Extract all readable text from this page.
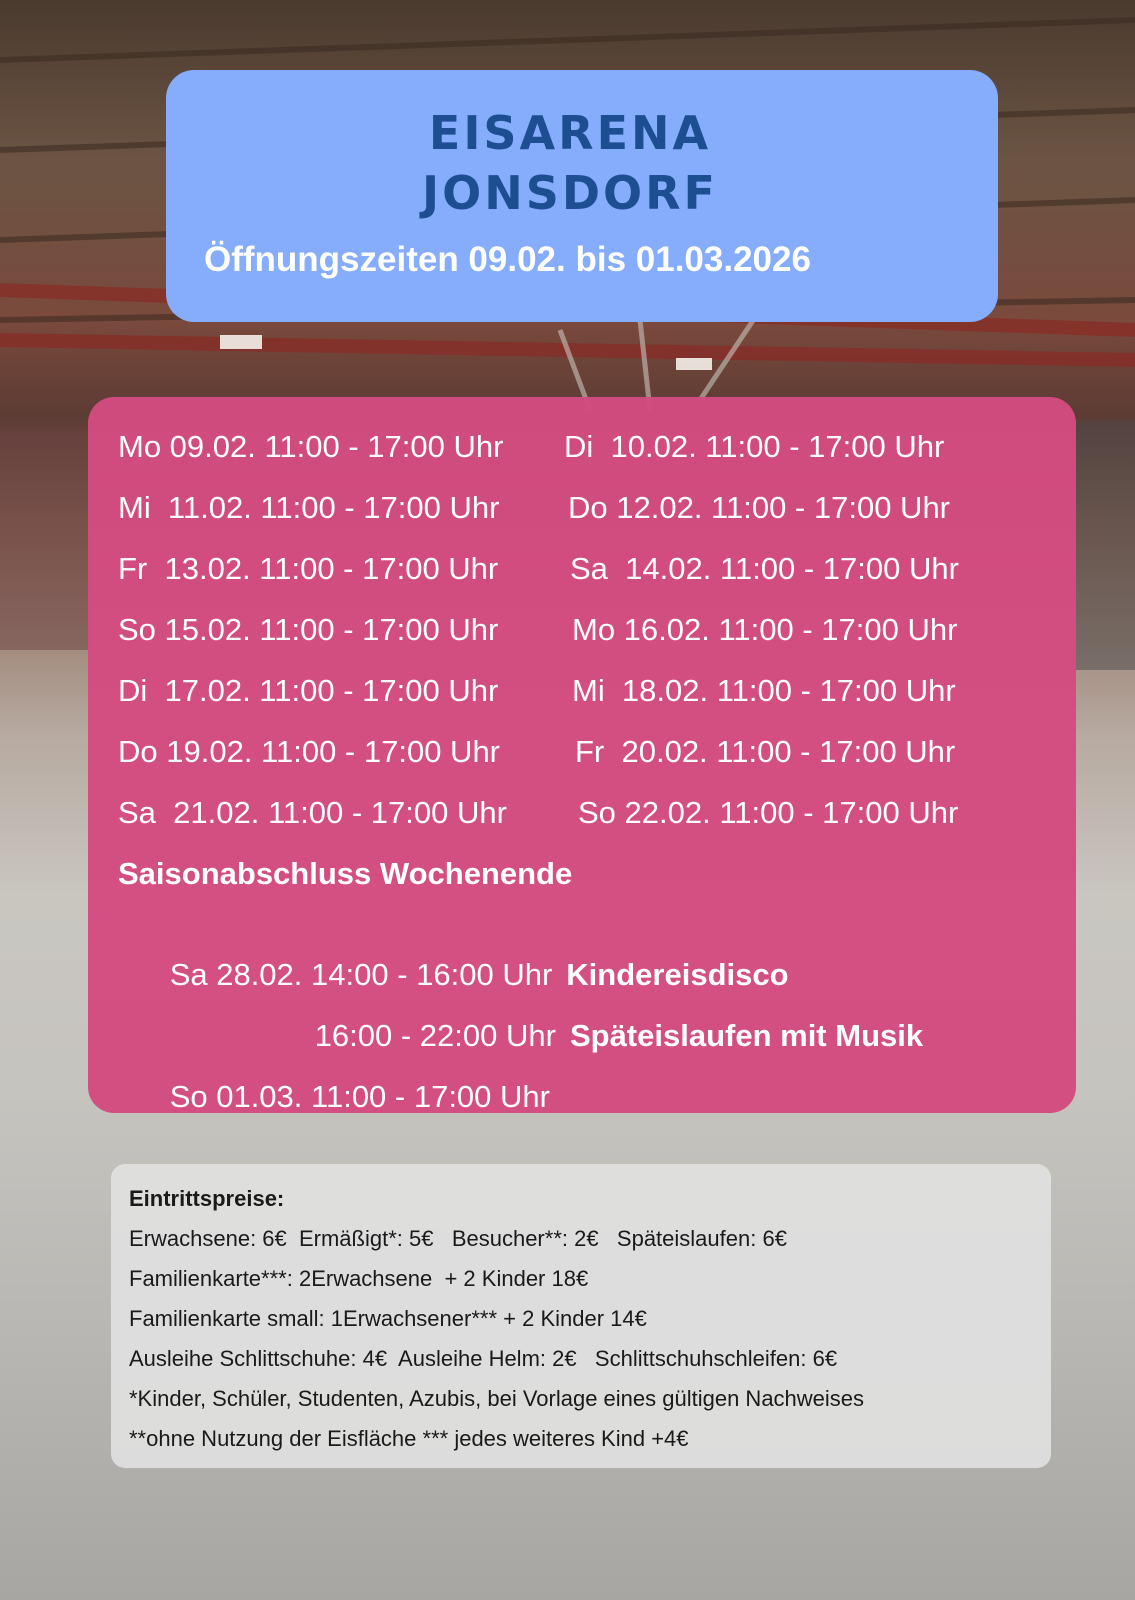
EISARENA
JONSDORF
Öffnungszeiten 09.02. bis 01.03.2026
Mo 09.02. 11:00 - 17:00 Uhr Di  10.02. 11:00 - 17:00 Uhr
Mi  11.02. 11:00 - 17:00 Uhr Do 12.02. 11:00 - 17:00 Uhr
Fr  13.02. 11:00 - 17:00 Uhr Sa  14.02. 11:00 - 17:00 Uhr
So 15.02. 11:00 - 17:00 Uhr Mo 16.02. 11:00 - 17:00 Uhr
Di  17.02. 11:00 - 17:00 Uhr Mi  18.02. 11:00 - 17:00 Uhr
Do 19.02. 11:00 - 17:00 Uhr Fr  20.02. 11:00 - 17:00 Uhr
Sa  21.02. 11:00 - 17:00 Uhr So 22.02. 11:00 - 17:00 Uhr
Saisonabschluss Wochenende

Sa 28.02. 14:00 - 16:00 Uhr Kindereisdisco

16:00 - 22:00 Uhr Späteislaufen mit Musik

So 01.03. 11:00 - 17:00 Uhr

Eintrittspreise:
Erwachsene: 6€  Ermäßigt*: 5€   Besucher**: 2€   Späteislaufen: 6€
Familienkarte***: 2Erwachsene  + 2 Kinder 18€
Familienkarte small: 1Erwachsener*** + 2 Kinder 14€
Ausleihe Schlittschuhe: 4€  Ausleihe Helm: 2€   Schlittschuhschleifen: 6€
*Kinder, Schüler, Studenten, Azubis, bei Vorlage eines gültigen Nachweises
**ohne Nutzung der Eisfläche *** jedes weiteres Kind +4€
